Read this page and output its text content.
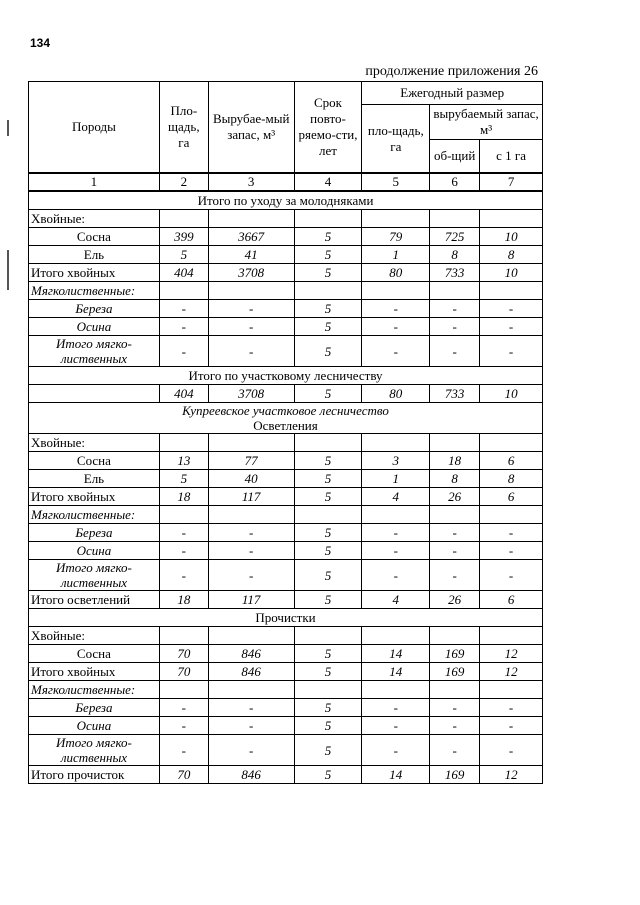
134
продолжение приложения 26
Породы	Пло-щадь, га	Вырубае-мый запас, м³	Срок повто-ряемо-сти, лет	Ежегодный размер		
				пло-щадь, га	вырубаемый запас, м³	
					об-щий	с 1 га
1	2	3	4	5	6	7
Итого по уходу за молодняками						
Хвойные:						
Сосна	399	3667	5	79	725	10
Ель	5	41	5	1	8	8
Итого хвойных	404	3708	5	80	733	10
Мягколиственные:						
Береза	-	-	5	-	-	-
Осина	-	-	5	-	-	-

Итого мягко-
лиственных	-	-	5	-	-	-
Итого по участковому лесничеству						
	404	3708	5	80	733	10

Купреевское участковое лесничество
Осветления						

Хвойные:						
Сосна	13	77	5	3	18	6
Ель	5	40	5	1	8	8
Итого хвойных	18	117	5	4	26	6
Мягколиственные:						
Береза	-	-	5	-	-	-
Осина	-	-	5	-	-	-

Итого мягко-
лиственных	-	-	5	-	-	-
Итого осветлений	18	117	5	4	26	6
Прочистки						
Хвойные:						
Сосна	70	846	5	14	169	12
Итого хвойных	70	846	5	14	169	12
Мягколиственные:						
Береза	-	-	5	-	-	-
Осина	-	-	5	-	-	-

Итого мягко-
лиственных	-	-	5	-	-	-
Итого прочисток	70	846	5	14	169	12
